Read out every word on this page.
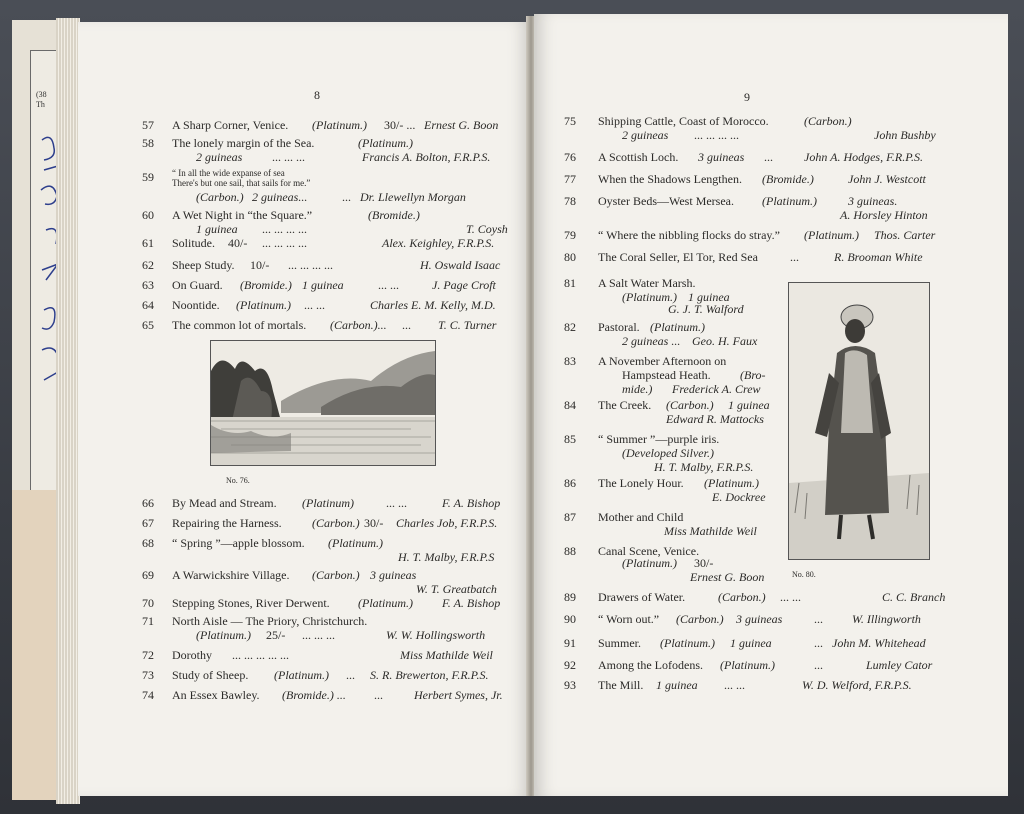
(38
Th
8
57 A Sharp Corner, Venice. (Platinum.) 30/- ... Ernest G. Boon
58 The lonely margin of the Sea.	(Platinum.)
2 guineas ... ... ...	Francis A. Bolton, F.R.P.S.
59 “ In all the wide expanse of sea
There's but one sail, that sails for me.”
(Carbon.) 2 guineas...	... Dr. Llewellyn Morgan
60 A Wet Night in “the Square.”	(Bromide.)
1 guinea ... ... ... ...	T. Coysh
61 Solitude. 40/- ... ... ... ...	Alex. Keighley, F.R.P.S.
62 Sheep Study. 10/- ... ... ... ...	H. Oswald Isaac
63 On Guard. (Bromide.) 1 guinea	... ...	J. Page Croft
64 Noontide. (Platinum.) ... ...	Charles E. M. Kelly, M.D.
65 The common lot of mortals. (Carbon.)... ... T. C. Turner
No. 76.
66 By Mead and Stream. (Platinum)	... ...	F. A. Bishop
67 Repairing the Harness.	(Carbon.) 30/- Charles Job, F.R.P.S.
68 “ Spring ”—apple blossom. (Platinum.)
H. T. Malby, F.R.P.S
69 A Warwickshire Village. (Carbon.) 3 guineas
W. T. Greatbatch
70 Stepping Stones, River Derwent. (Platinum.) F. A. Bishop
71 North Aisle — The Priory, Christchurch.
(Platinum.) 25/- ... ... ...	W. W. Hollingsworth
72 Dorothy ... ... ... ... ...	Miss Mathilde Weil
73 Study of Sheep. (Platinum.) ... S. R. Brewerton, F.R.P.S.
74 An Essex Bawley. (Bromide.) ... ...	Herbert Symes, Jr.
9
75 Shipping Cattle, Coast of Morocco.	(Carbon.)
2 guineas ... ... ... ...	John Bushby
76 A Scottish Loch. 3 guineas ...	John A. Hodges, F.R.P.S.
77 When the Shadows Lengthen. (Bromide.)	John J. Westcott
78 Oyster Beds—West Mersea. (Platinum.)	3 guineas.
A. Horsley Hinton
79 “ Where the nibbling flocks do stray.” (Platinum.) Thos. Carter
80 The Coral Seller, El Tor, Red Sea	...	R. Brooman White
81 A Salt Water Marsh.
(Platinum.) 1 guinea
G. J. T. Walford
82 Pastoral. (Platinum.)
2 guineas ... Geo. H. Faux
83 A November Afternoon on
Hampstead Heath. (Bro-
mide.) Frederick A. Crew
84 The Creek. (Carbon.) 1 guinea
Edward R. Mattocks
85 “ Summer ”—purple iris.
(Developed Silver.)
H. T. Malby, F.R.P.S.
86 The Lonely Hour. (Platinum.)
E. Dockree
87 Mother and Child
Miss Mathilde Weil
88 Canal Scene, Venice.
(Platinum.) 30/-
Ernest G. Boon	No. 80.
89 Drawers of Water.	(Carbon.) ... ...	C. C. Branch
90 “ Worn out.” (Carbon.) 3 guineas	... W. Illingworth
91 Summer. (Platinum.) 1 guinea	... John M. Whitehead
92 Among the Lofodens. (Platinum.)	...	Lumley Cator
93 The Mill. 1 guinea ... ...	W. D. Welford, F.R.P.S.
